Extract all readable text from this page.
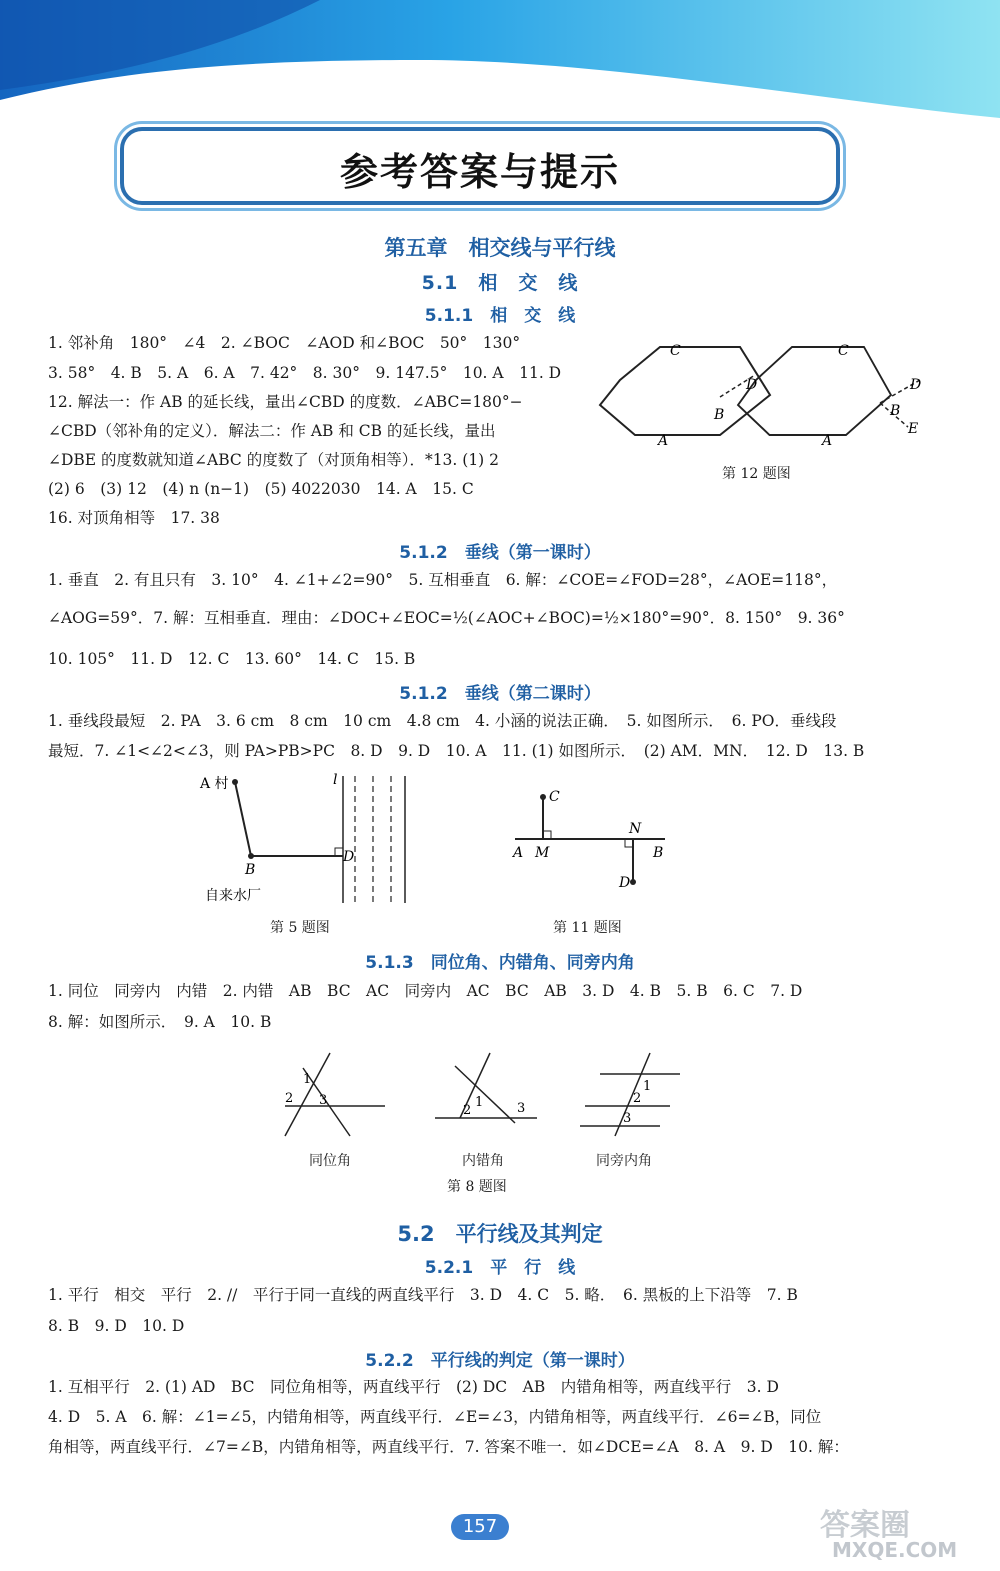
参考答案与提示
第五章　相交线与平行线
5.1　相　交　线
5.1.1　相　交　线
1. 邻补角　180°　∠4　2. ∠BOC　∠AOD 和∠BOC　50°　130°
3. 58°　4. B　5. A　6. A　7. 42°　8. 30°　9. 147.5°　10. A　11. D
12. 解法一：作 AB 的延长线，量出∠CBD 的度数．∠ABC=180°−
∠CBD（邻补角的定义）．解法二：作 AB 和 CB 的延长线，量出
∠DBE 的度数就知道∠ABC 的度数了（对顶角相等）．*13. (1) 2
(2) 6　(3) 12　(4) n (n−1)　(5) 4022030　14. A　15. C
16. 对顶角相等　17. 38
C
B
A
C
D	D
B
E
A
第 12 题图
5.1.2　垂线（第一课时）
1. 垂直　2. 有且只有　3. 10°　4. ∠1+∠2=90°　5. 互相垂直　6. 解：∠COE=∠FOD=28°，∠AOE=118°，
∠AOG=59°．7. 解：互相垂直．理由：∠DOC+∠EOC=½(∠AOC+∠BOC)=½×180°=90°．8. 150°　9. 36°
10. 105°　11. D　12. C　13. 60°　14. C　15. B
5.1.2　垂线（第二课时）
1. 垂线段最短　2. PA　3. 6 cm　8 cm　10 cm　4.8 cm　4. 小涵的说法正确．　5. 如图所示．　6. PO．垂线段
最短．7. ∠1<∠2<∠3，则 PA>PB>PC　8. D　9. D　10. A　11. (1) 如图所示．　(2) AM．MN．　12. D　13. B
A 村	l
B
D
自来水厂
第 5 题图
C
N
A M	B
D
第 11 题图
5.1.3　同位角、内错角、同旁内角
1. 同位　同旁内　内错　2. 内错　AB　BC　AC　同旁内　AC　BC　AB　3. D　4. B　5. B　6. C　7. D
8. 解：如图所示．　9. A　10. B
1
2 3	1
2	3
1
2
3
同位角	内错角	同旁内角
第 8 题图
5.2　平行线及其判定
5.2.1　平　行　线
1. 平行　相交　平行　2. //　平行于同一直线的两直线平行　3. D　4. C　5. 略．　6. 黑板的上下沿等　7. B
8. B　9. D　10. D
5.2.2　平行线的判定（第一课时）
1. 互相平行　2. (1) AD　BC　同位角相等，两直线平行　(2) DC　AB　内错角相等，两直线平行　3. D
4. D　5. A　6. 解：∠1=∠5，内错角相等，两直线平行．∠E=∠3，内错角相等，两直线平行．∠6=∠B，同位
角相等，两直线平行．∠7=∠B，内错角相等，两直线平行．7. 答案不唯一．如∠DCE=∠A　8. A　9. D　10. 解：
157	答案圈
MXQE.COM
